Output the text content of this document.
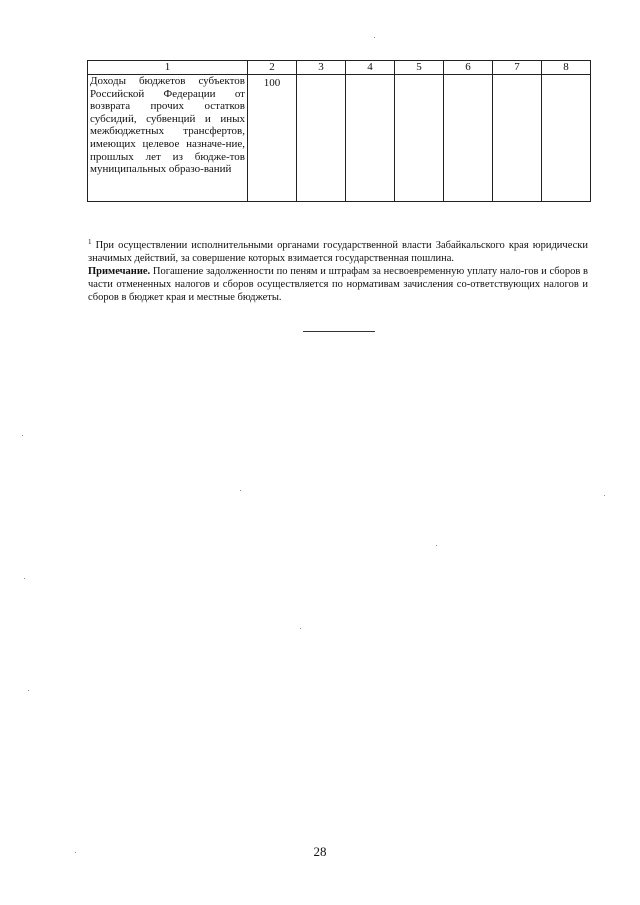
1	2	3	4	5	6	7	8
Доходы бюджетов субъектов Российской Федерации от возврата прочих остатков субсидий, субвенций и иных межбюджетных трансфертов, имеющих целевое назначе-ние, прошлых лет из бюдже-тов муниципальных образо-ваний	100						

$^1$ При осуществлении исполнительными органами государственной власти Забайкальского края юридически значимых действий, за совершение которых взимается государственная пошлина.

Примечание. Погашение задолженности по пеням и штрафам за несвоевременную уплату нало-гов и сборов в части отмененных налогов и сборов осуществляется по нормативам зачисления со-ответствующих налогов и сборов в бюджет края и местные бюджеты.

28
